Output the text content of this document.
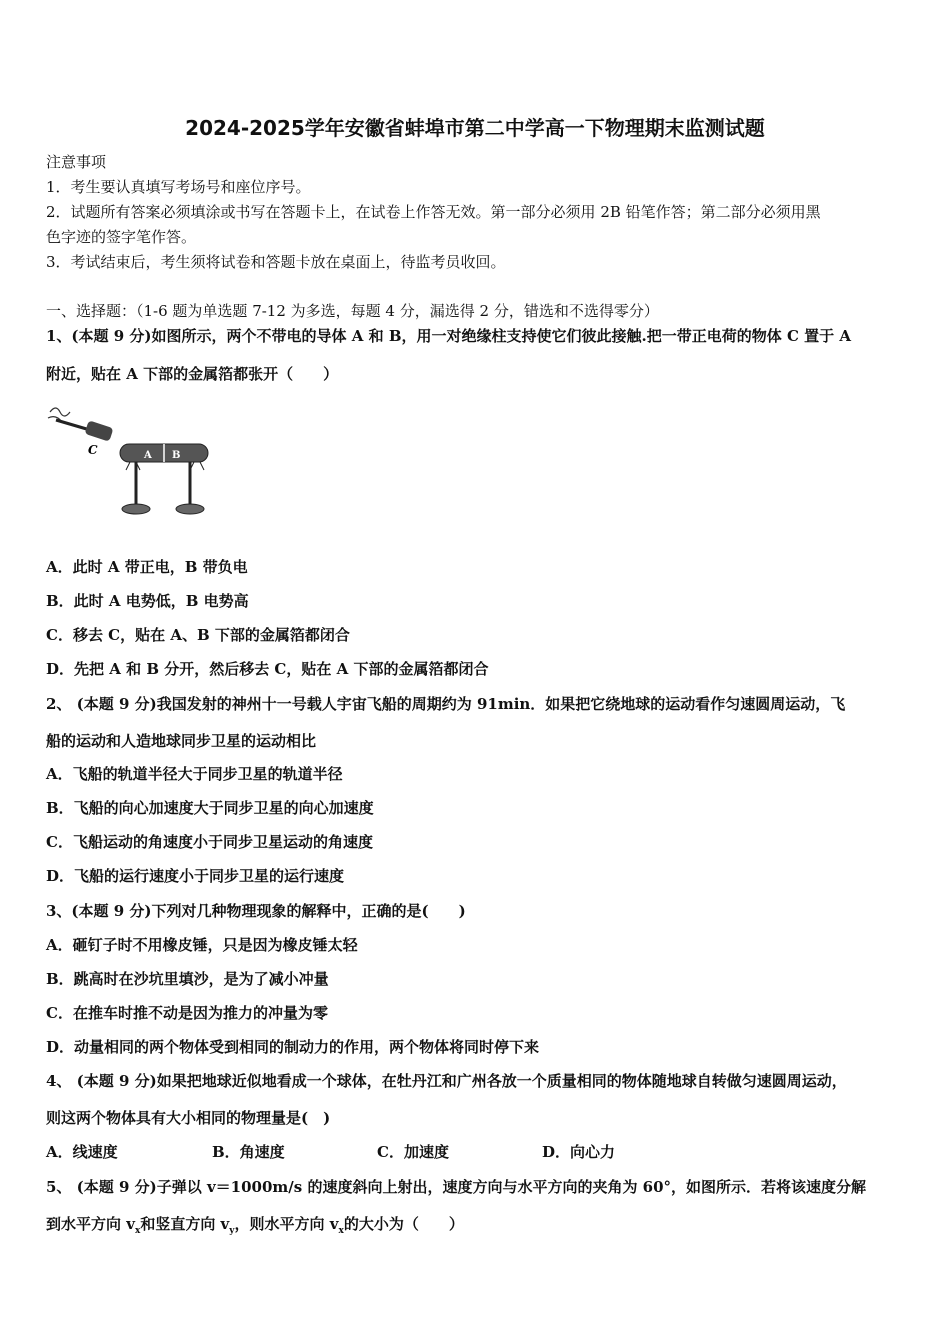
2024-2025学年安徽省蚌埠市第二中学高一下物理期末监测试题
注意事项
1．考生要认真填写考场号和座位序号。
2．试题所有答案必须填涂或书写在答题卡上，在试卷上作答无效。第一部分必须用 2B 铅笔作答；第二部分必须用黑
色字迹的签字笔作答。
3．考试结束后，考生须将试卷和答题卡放在桌面上，待监考员收回。
一、选择题：（1-6 题为单选题 7-12 为多选，每题 4 分，漏选得 2 分，错选和不选得零分）
1、(本题 9 分)如图所示，两个不带电的导体 A 和 B，用一对绝缘柱支持使它们彼此接触.把一带正电荷的物体 C 置于 A
附近，贴在 A 下部的金属箔都张开（　　）
C	A B
A．此时 A 带正电，B 带负电
B．此时 A 电势低，B 电势高
C．移去 C，贴在 A、B 下部的金属箔都闭合
D．先把 A 和 B 分开，然后移去 C，贴在 A 下部的金属箔都闭合
2、 (本题 9 分)我国发射的神州十一号载人宇宙飞船的周期约为 91min．如果把它绕地球的运动看作匀速圆周运动，飞
船的运动和人造地球同步卫星的运动相比
A．飞船的轨道半径大于同步卫星的轨道半径
B．飞船的向心加速度大于同步卫星的向心加速度
C．飞船运动的角速度小于同步卫星运动的角速度
D．飞船的运行速度小于同步卫星的运行速度
3、(本题 9 分)下列对几种物理现象的解释中，正确的是(　　)
A．砸钉子时不用橡皮锤，只是因为橡皮锤太轻
B．跳高时在沙坑里填沙，是为了减小冲量
C．在推车时推不动是因为推力的冲量为零
D．动量相同的两个物体受到相同的制动力的作用，两个物体将同时停下来
4、 (本题 9 分)如果把地球近似地看成一个球体，在牡丹江和广州各放一个质量相同的物体随地球自转做匀速圆周运动，
则这两个物体具有大小相同的物理量是(　)
A．线速度	B．角速度	C．加速度	D．向心力
5、 (本题 9 分)子弹以 v＝1000m/s 的速度斜向上射出，速度方向与水平方向的夹角为 60°，如图所示．若将该速度分解
到水平方向 $v_x$和竖直方向 $v_y$，则水平方向 $v_x$的大小为（　　）
